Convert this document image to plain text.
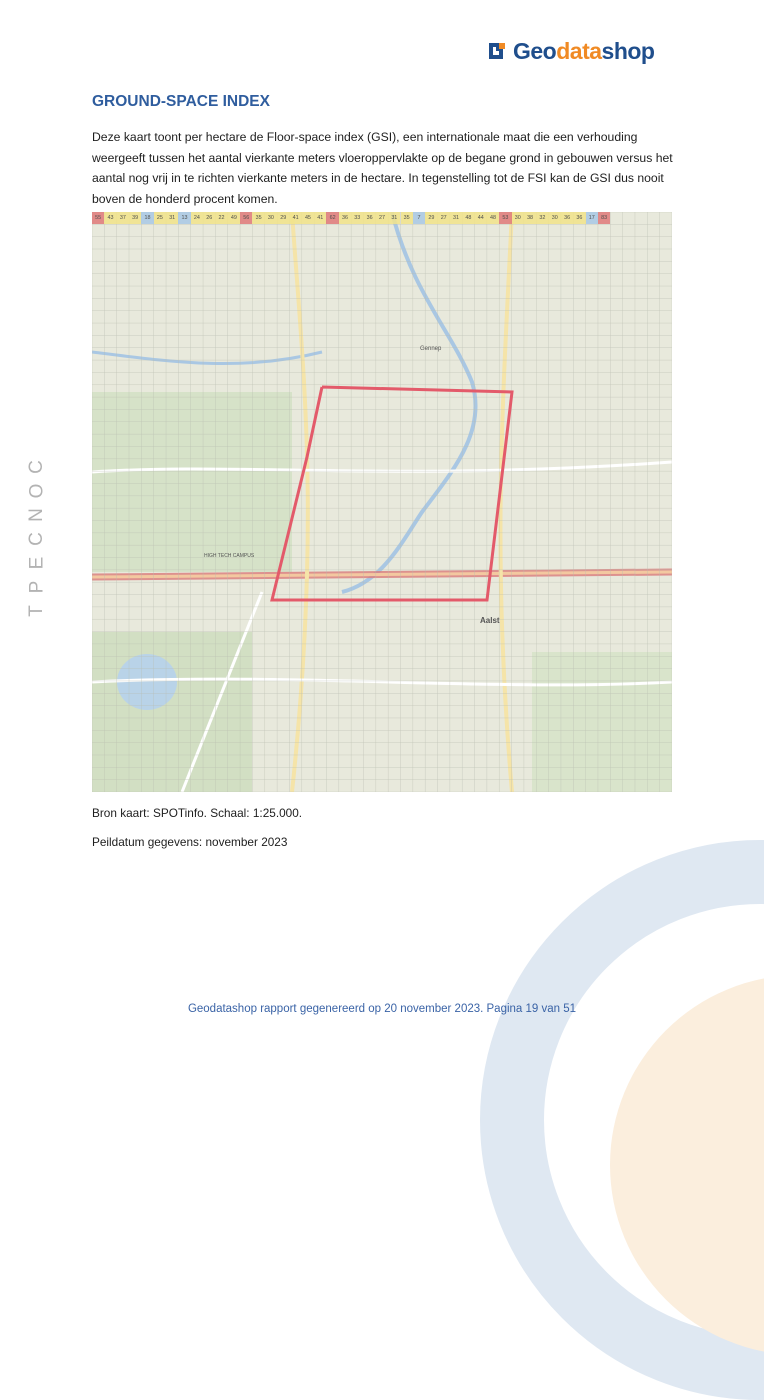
Geodatashop
GROUND-SPACE INDEX
Deze kaart toont per hectare de Floor-space index (GSI), een internationale maat die een verhouding weergeeft tussen het aantal vierkante meters vloeroppervlakte op de begane grond in gebouwen versus het aantal nog vrij in te richten vierkante meters in de hectare. In tegenstelling tot de FSI kan de GSI dus nooit boven de honderd procent komen.
C
O
N
C
E
P
T
Gennep
Aalst
HIGH TECH CAMPUS
55	43	37	39	18	25	31	13	24	26	22	49	56	35	30	29	41	45	41	62	36	33	36	27	31	35	7	29	27	31	48	44	48	53	30	38	32	30	36	36	17	83
Bron kaart: SPOTinfo. Schaal: 1:25.000.
Peildatum gegevens: november 2023
Geodatashop rapport gegenereerd op 20 november 2023. Pagina 19 van 51
